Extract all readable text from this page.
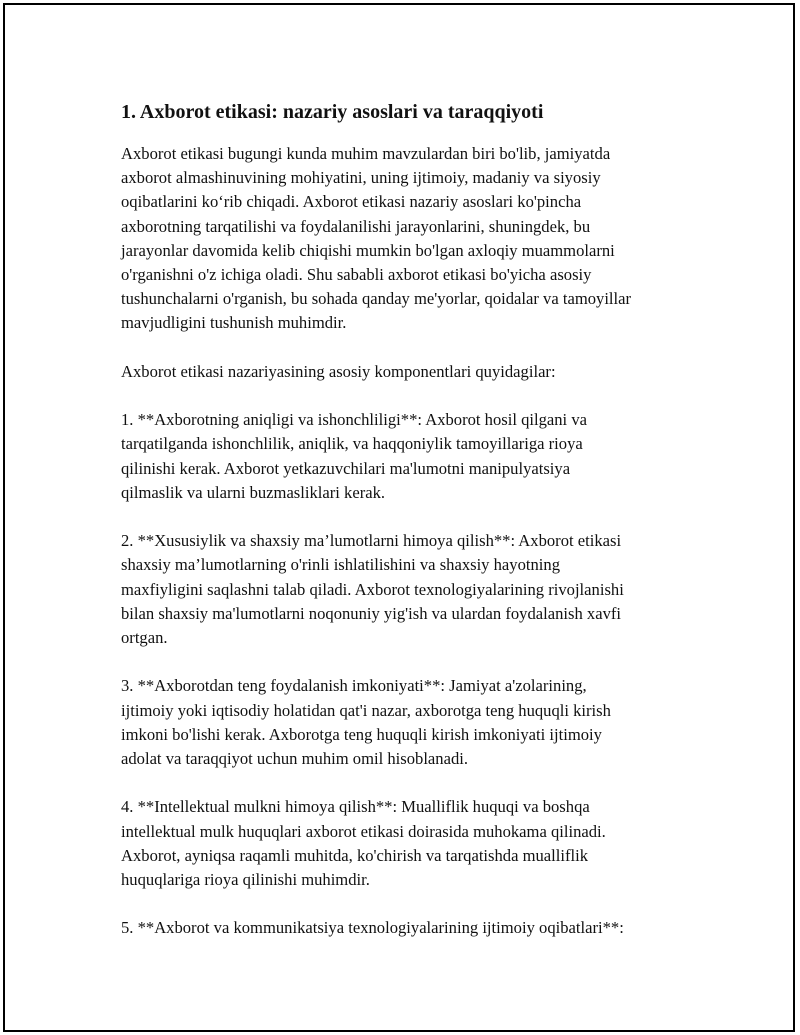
1. Axborot etikasi: nazariy asoslari va taraqqiyoti

Axborot etikasi bugungi kunda muhim mavzulardan biri bo'lib, jamiyatda
axborot almashinuvining mohiyatini, uning ijtimoiy, madaniy va siyosiy
oqibatlarini ko‘rib chiqadi. Axborot etikasi nazariy asoslari ko'pincha
axborotning tarqatilishi va foydalanilishi jarayonlarini, shuningdek, bu
jarayonlar davomida kelib chiqishi mumkin bo'lgan axloqiy muammolarni
o'rganishni o'z ichiga oladi. Shu sababli axborot etikasi bo'yicha asosiy
tushunchalarni o'rganish, bu sohada qanday me'yorlar, qoidalar va tamoyillar
mavjudligini tushunish muhimdir.

Axborot etikasi nazariyasining asosiy komponentlari quyidagilar:

1. **Axborotning aniqligi va ishonchliligi**: Axborot hosil qilgani va
tarqatilganda ishonchlilik, aniqlik, va haqqoniylik tamoyillariga rioya
qilinishi kerak. Axborot yetkazuvchilari ma'lumotni manipulyatsiya
qilmaslik va ularni buzmasliklari kerak.

2. **Xususiylik va shaxsiy ma’lumotlarni himoya qilish**: Axborot etikasi
shaxsiy ma’lumotlarning o'rinli ishlatilishini va shaxsiy hayotning
maxfiyligini saqlashni talab qiladi. Axborot texnologiyalarining rivojlanishi
bilan shaxsiy ma'lumotlarni noqonuniy yig'ish va ulardan foydalanish xavfi
ortgan.

3. **Axborotdan teng foydalanish imkoniyati**: Jamiyat a'zolarining,
ijtimoiy yoki iqtisodiy holatidan qat'i nazar, axborotga teng huquqli kirish
imkoni bo'lishi kerak. Axborotga teng huquqli kirish imkoniyati ijtimoiy
adolat va taraqqiyot uchun muhim omil hisoblanadi.

4. **Intellektual mulkni himoya qilish**: Mualliflik huquqi va boshqa
intellektual mulk huquqlari axborot etikasi doirasida muhokama qilinadi.
Axborot, ayniqsa raqamli muhitda, ko'chirish va tarqatishda mualliflik
huquqlariga rioya qilinishi muhimdir.

5. **Axborot va kommunikatsiya texnologiyalarining ijtimoiy oqibatlari**:
